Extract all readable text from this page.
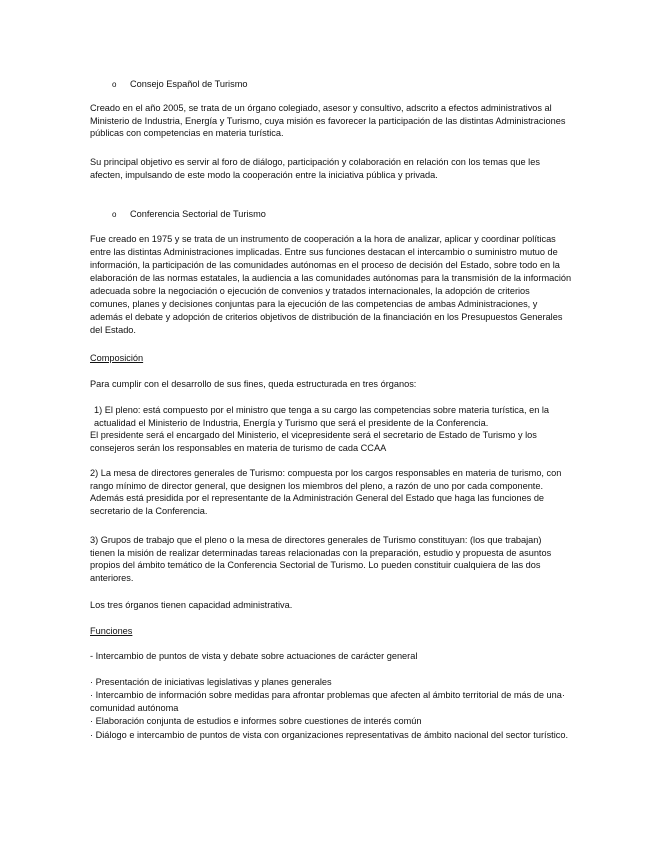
o Consejo Español de Turismo

Creado en el año 2005, se trata de un órgano colegiado, asesor y consultivo, adscrito a efectos administrativos al Ministerio de Industria, Energía y Turismo, cuya misión es favorecer la participación de las distintas Administraciones públicas con competencias en materia turística.

Su principal objetivo es servir al foro de diálogo, participación y colaboración en relación con los temas que les afecten, impulsando de este modo la cooperación entre la iniciativa pública y privada.

o Conferencia Sectorial de Turismo

Fue creado en 1975 y se trata de un instrumento de cooperación a la hora de analizar, aplicar y coordinar políticas entre las distintas Administraciones implicadas. Entre sus funciones destacan el intercambio o suministro mutuo de información, la participación de las comunidades autónomas en el proceso de decisión del Estado, sobre todo en la elaboración de las normas estatales, la audiencia a las comunidades autónomas para la transmisión de la información adecuada sobre la negociación o ejecución de convenios y tratados internacionales, la adopción de criterios comunes, planes y decisiones conjuntas para la ejecución de las competencias de ambas Administraciones, y además el debate y adopción de criterios objetivos de distribución de la financiación en los Presupuestos Generales del Estado.

Composición

Para cumplir con el desarrollo de sus fines, queda estructurada en tres órganos:

1) El pleno: está compuesto por el ministro que tenga a su cargo las competencias sobre materia turística, en la actualidad el Ministerio de Industria, Energía y Turismo que será el presidente de la Conferencia.

El presidente será el encargado del Ministerio, el vicepresidente será el secretario de Estado de Turismo y los consejeros serán los responsables en materia de turismo de cada CCAA

2) La mesa de directores generales de Turismo: compuesta por los cargos responsables en materia de turismo, con rango mínimo de director general, que designen los miembros del pleno, a razón de uno por cada componente. Además está presidida por el representante de la Administración General del Estado que haga las funciones de secretario de la Conferencia.

3) Grupos de trabajo que el pleno o la mesa de directores generales de Turismo constituyan: (los que trabajan) tienen la misión de realizar determinadas tareas relacionadas con la preparación, estudio y propuesta de asuntos propios del ámbito temático de la Conferencia Sectorial de Turismo. Lo pueden constituir cualquiera de las dos anteriores.

Los tres órganos tienen capacidad administrativa.

Funciones

- Intercambio de puntos de vista y debate sobre actuaciones de carácter general

· Presentación de iniciativas legislativas y planes generales

· Intercambio de información sobre medidas para afrontar problemas que afecten al ámbito territorial de más de una· comunidad autónoma

· Elaboración conjunta de estudios e informes sobre cuestiones de interés común

· Diálogo e intercambio de puntos de vista con organizaciones representativas de ámbito nacional del sector turístico.
